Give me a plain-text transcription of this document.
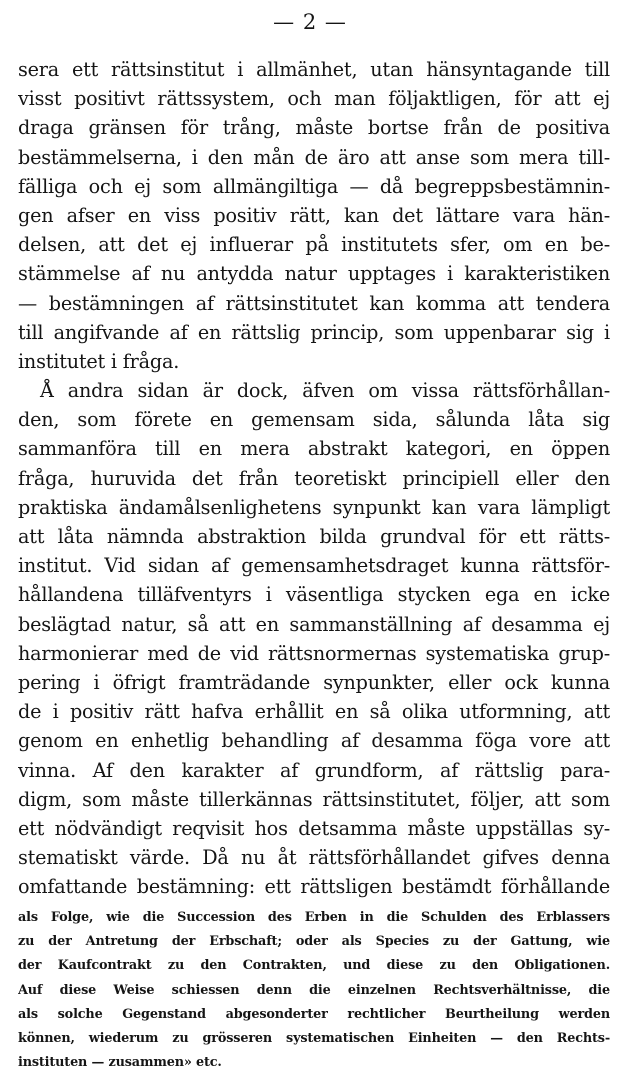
— 2 —
sera ett rättsinstitut i allmänhet, utan hänsyntagande till
visst positivt rättssystem, och man följaktligen, för att ej
draga gränsen för trång, måste bortse från de positiva
bestämmelserna, i den mån de äro att anse som mera till-
fälliga och ej som allmängiltiga — då begreppsbestämnin-
gen afser en viss positiv rätt, kan det lättare vara hän-
delsen, att det ej influerar på institutets sfer, om en be-
stämmelse af nu antydda natur upptages i karakteristiken
— bestämningen af rättsinstitutet kan komma att tendera
till angifvande af en rättslig princip, som uppenbarar sig i
institutet i fråga.
Å andra sidan är dock, äfven om vissa rättsförhållan-
den, som förete en gemensam sida, sålunda låta sig
sammanföra till en mera abstrakt kategori, en öppen
fråga, huruvida det från teoretiskt principiell eller den
praktiska ändamålsenlighetens synpunkt kan vara lämpligt
att låta nämnda abstraktion bilda grundval för ett rätts-
institut. Vid sidan af gemensamhetsdraget kunna rättsför-
hållandena tilläfventyrs i väsentliga stycken ega en icke
beslägtad natur, så att en sammanställning af desamma ej
harmonierar med de vid rättsnormernas systematiska grup-
pering i öfrigt framträdande synpunkter, eller ock kunna
de i positiv rätt hafva erhållit en så olika utformning, att
genom en enhetlig behandling af desamma föga vore att
vinna. Af den karakter af grundform, af rättslig para-
digm, som måste tillerkännas rättsinstitutet, följer, att som
ett nödvändigt reqvisit hos detsamma måste uppställas sy-
stematiskt värde. Då nu åt rättsförhållandet gifves denna
omfattande bestämning: ett rättsligen bestämdt förhållande
als Folge, wie die Succession des Erben in die Schulden des Erblassers
zu der Antretung der Erbschaft; oder als Species zu der Gattung, wie
der Kaufcontrakt zu den Contrakten, und diese zu den Obligationen.
Auf diese Weise schiessen denn die einzelnen Rechtsverhältnisse, die
als solche Gegenstand abgesonderter rechtlicher Beurtheilung werden
können, wiederum zu grösseren systematischen Einheiten — den Rechts-
instituten — zusammen» etc.
